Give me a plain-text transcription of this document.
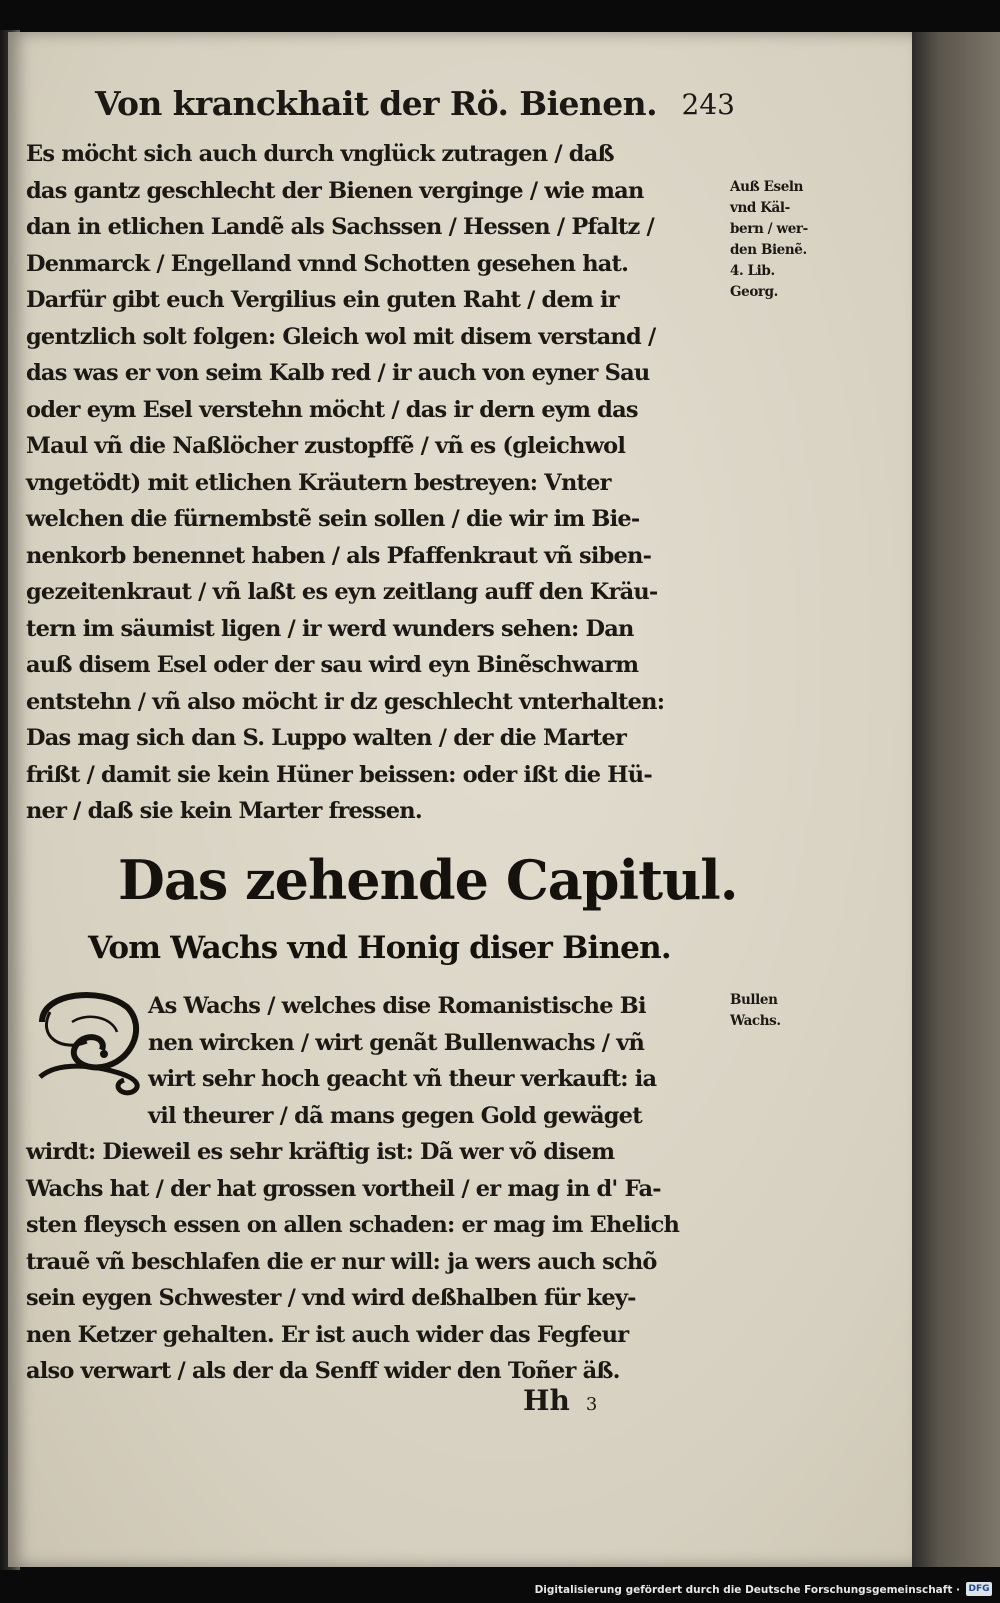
Von kranckhait der Rö. Bienen. 243
Es möcht sich auch durch vnglück zutragen / daß
das gantz geschlecht der Bienen verginge / wie man
dan in etlichen Landẽ als Sachssen / Hessen / Pfaltz /
Denmarck / Engelland vnnd Schotten gesehen hat.
Darfür gibt euch Vergilius ein guten Raht / dem ir
gentzlich solt folgen: Gleich wol mit disem verstand /
das was er von seim Kalb red / ir auch von eyner Sau
oder eym Esel verstehn möcht / das ir dern eym das
Maul vñ die Naßlöcher zustopffẽ / vñ es (gleichwol
vngetödt) mit etlichen Kräutern bestreyen: Vnter
welchen die fürnembstẽ sein sollen / die wir im Bie-
nenkorb benennet haben / als Pfaffenkraut vñ siben-
gezeitenkraut / vñ laßt es eyn zeitlang auff den Kräu-
tern im säumist ligen / ir werd wunders sehen: Dan
auß disem Esel oder der sau wird eyn Binẽschwarm
entstehn / vñ also möcht ir dz geschlecht vnterhalten:
Das mag sich dan S. Luppo walten / der die Marter
frißt / damit sie kein Hüner beissen: oder ißt die Hü-
ner / daß sie kein Marter fressen.
Auß Eseln
vnd Käl-
bern / wer-
den Bienẽ.
4. Lib.
Georg.
Das zehende Capitul.
Vom Wachs vnd Honig diser Binen.
As Wachs / welches dise Romanistische Bi
nen wircken / wirt genãt Bullenwachs / vñ
wirt sehr hoch geacht vñ theur verkauft: ia
vil theurer / dã mans gegen Gold gewäget
wirdt: Dieweil es sehr kräftig ist: Dã wer võ disem
Wachs hat / der hat grossen vortheil / er mag in d' Fa-
sten fleysch essen on allen schaden: er mag im Ehelich
trauẽ vñ beschlafen die er nur will: ja wers auch schõ
sein eygen Schwester / vnd wird deßhalben für key-
nen Ketzer gehalten. Er ist auch wider das Fegfeur
also verwart / als der da Senff wider den Toñer äß.
Bullen
Wachs.
Hh 3
Digitalisierung gefördert durch die Deutsche Forschungsgemeinschaft · DFG
